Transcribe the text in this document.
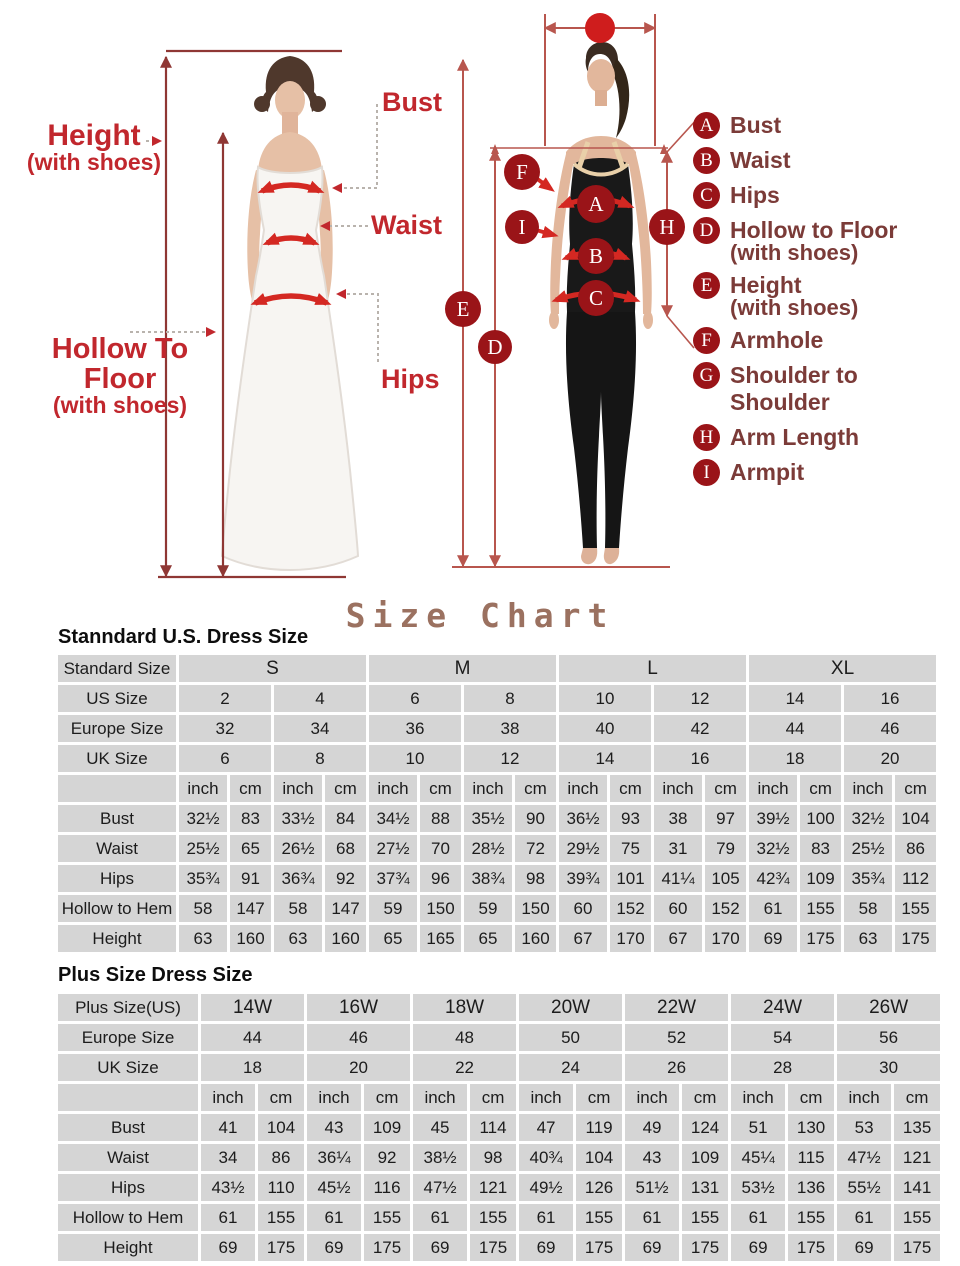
F
I
A
B
C
H
E
D
Height
(with shoes)
Bust
Waist
Hollow To Floor
(with shoes)
Hips
A Bust
B Waist
C Hips
D Hollow to Floor
(with shoes)
E Height
(with shoes)
F Armhole
G Shoulder to Shoulder
H Arm Length
I Armpit
Size Chart
Stanndard U.S. Dress Size
Standard Size	S				M				L				XL			
US Size	2		4		6		8		10		12		14		16	
Europe Size	32		34		36		38		40		42		44		46	
UK Size	6		8		10		12		14		16		18		20	
	inch	cm	inch	cm	inch	cm	inch	cm	inch	cm	inch	cm	inch	cm	inch	cm
Bust	32½	83	33½	84	34½	88	35½	90	36½	93	38	97	39½	100	32½	104
Waist	25½	65	26½	68	27½	70	28½	72	29½	75	31	79	32½	83	25½	86
Hips	35¾	91	36¾	92	37¾	96	38¾	98	39¾	101	41¼	105	42¾	109	35¾	112
Hollow to Hem	58	147	58	147	59	150	59	150	60	152	60	152	61	155	58	155
Height	63	160	63	160	65	165	65	160	67	170	67	170	69	175	63	175
Plus Size Dress Size
Plus Size(US)	14W		16W		18W		20W		22W		24W		26W	
Europe Size	44		46		48		50		52		54		56	
UK Size	18		20		22		24		26		28		30	
	inch	cm	inch	cm	inch	cm	inch	cm	inch	cm	inch	cm	inch	cm
Bust	41	104	43	109	45	114	47	119	49	124	51	130	53	135
Waist	34	86	36¼	92	38½	98	40¾	104	43	109	45¼	115	47½	121
Hips	43½	110	45½	116	47½	121	49½	126	51½	131	53½	136	55½	141
Hollow to Hem	61	155	61	155	61	155	61	155	61	155	61	155	61	155
Height	69	175	69	175	69	175	69	175	69	175	69	175	69	175
